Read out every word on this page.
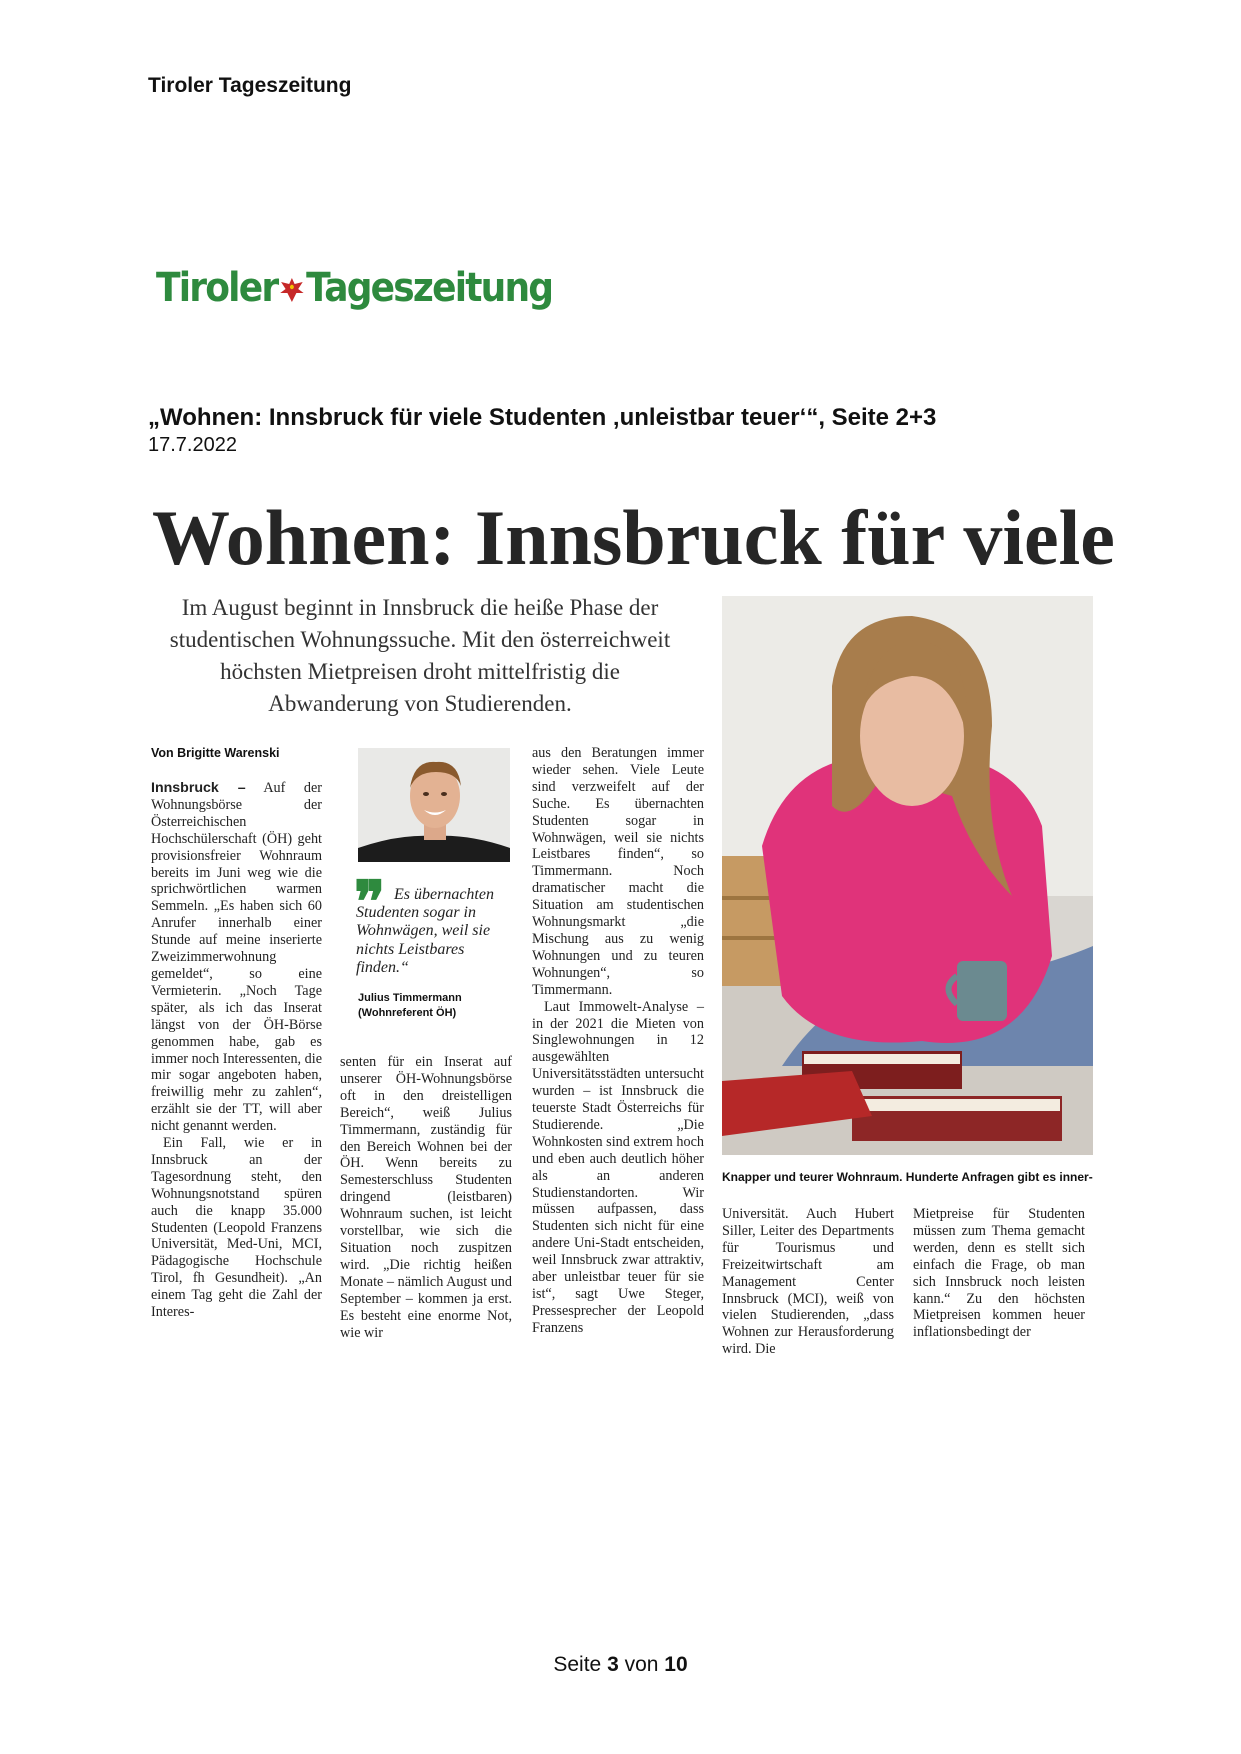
Tiroler Tageszeitung
Tiroler Tageszeitung
„Wohnen: Innsbruck für viele Studenten ‚unleistbar teuer‘“, Seite 2+3
17.7.2022
Wohnen: Innsbruck für viele
Im August beginnt in Innsbruck die heiße Phase der studentischen Wohnungssuche. Mit den österreichweit höchsten Mietpreisen droht mittelfristig die Abwanderung von Studierenden.
Von Brigitte Warenski

Innsbruck – Auf der Wohnungsbörse der Österreichischen Hochschülerschaft (ÖH) geht provisionsfreier Wohnraum bereits im Juni weg wie die sprichwörtlichen warmen Semmeln. „Es haben sich 60 Anrufer innerhalb einer Stunde auf meine inserierte Zweizimmerwohnung gemeldet“, so eine Vermieterin. „Noch Tage später, als ich das Inserat längst von der ÖH-Börse genommen habe, gab es immer noch Interessenten, die mir sogar angeboten haben, freiwillig mehr zu zahlen“, erzählt sie der TT, will aber nicht genannt werden.

Ein Fall, wie er in Innsbruck an der Tagesordnung steht, den Wohnungsnotstand spüren auch die knapp 35.000 Studenten (Leopold Franzens Universität, Med-Uni, MCI, Pädagogische Hochschule Tirol, fh Gesundheit). „An einem Tag geht die Zahl der Interes-

❞ Es übernachten Studenten sogar in Wohnwägen, weil sie nichts Leistbares finden.“
Julius Timmermann
(Wohnreferent ÖH)

senten für ein Inserat auf unserer ÖH-Wohnungsbörse oft in den dreistelligen Bereich“, weiß Julius Timmermann, zuständig für den Bereich Wohnen bei der ÖH. Wenn bereits zu Semesterschluss Studenten dringend (leistbaren) Wohnraum suchen, ist leicht vorstellbar, wie sich die Situation noch zuspitzen wird. „Die richtig heißen Monate – nämlich August und September – kommen ja erst. Es besteht eine enorme Not, wie wir

aus den Beratungen immer wieder sehen. Viele Leute sind verzweifelt auf der Suche. Es übernachten Studenten sogar in Wohnwägen, weil sie nichts Leistbares finden“, so Timmermann. Noch dramatischer macht die Situation am studentischen Wohnungsmarkt „die Mischung aus zu wenig Wohnungen und zu teuren Wohnungen“, so Timmermann.

Laut Immowelt-Analyse – in der 2021 die Mieten von Singlewohnungen in 12 ausgewählten Universitätsstädten untersucht wurden – ist Innsbruck die teuerste Stadt Österreichs für Studierende. „Die Wohnkosten sind extrem hoch und eben auch deutlich höher als an anderen Studienstandorten. Wir müssen aufpassen, dass Studenten sich nicht für eine andere Uni-Stadt entscheiden, weil Innsbruck zwar attraktiv, aber unleistbar teuer für sie ist“, sagt Uwe Steger, Pressesprecher der Leopold Franzens

Knapper und teurer Wohnraum. Hunderte Anfragen gibt es inner-

Universität. Auch Hubert Siller, Leiter des Departments für Tourismus und Freizeitwirtschaft am Management Center Innsbruck (MCI), weiß von vielen Studierenden, „dass Wohnen zur Herausforderung wird. Die

Mietpreise für Studenten müssen zum Thema gemacht werden, denn es stellt sich einfach die Frage, ob man sich Innsbruck noch leisten kann.“ Zu den höchsten Mietpreisen kommen heuer inflationsbedingt der

Seite 3 von 10
